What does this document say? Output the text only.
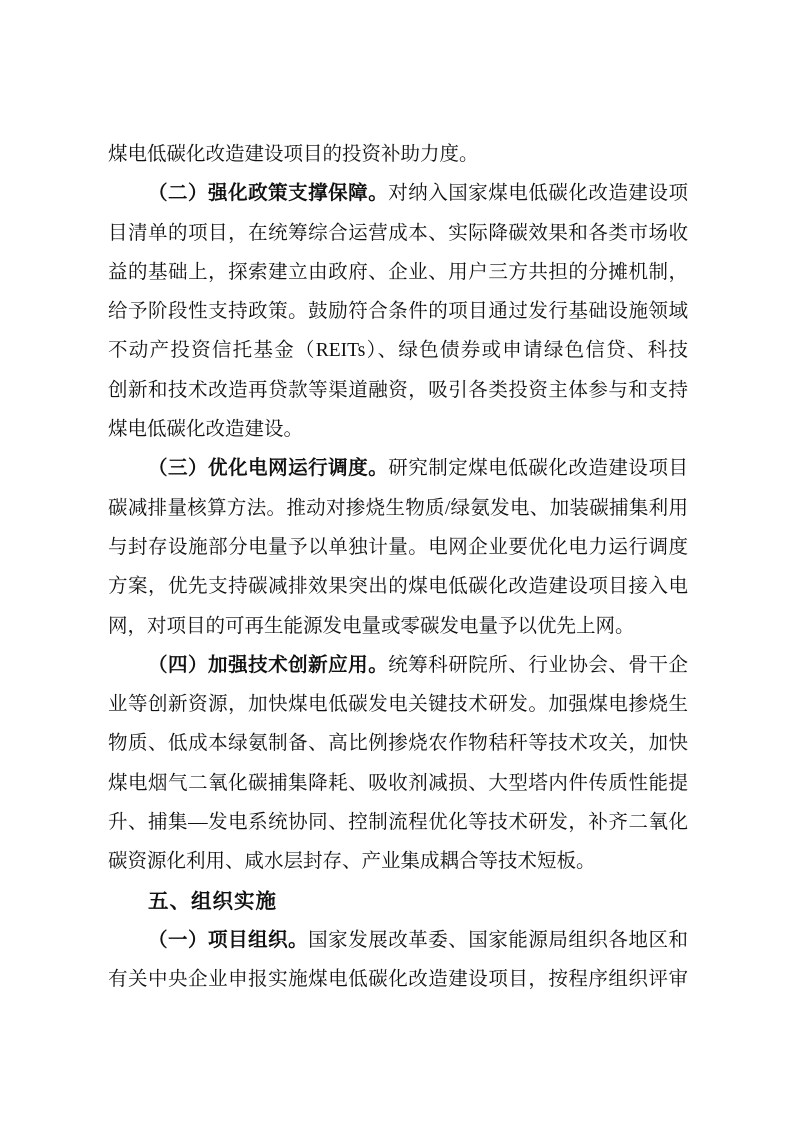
煤电低碳化改造建设项目的投资补助力度。
（二）强化政策支撑保障。对纳入国家煤电低碳化改造建设项
目清单的项目，在统筹综合运营成本、实际降碳效果和各类市场收
益的基础上，探索建立由政府、企业、用户三方共担的分摊机制，
给予阶段性支持政策。鼓励符合条件的项目通过发行基础设施领域
不动产投资信托基金（REITs）、绿色债券或申请绿色信贷、科技
创新和技术改造再贷款等渠道融资，吸引各类投资主体参与和支持
煤电低碳化改造建设。
（三）优化电网运行调度。研究制定煤电低碳化改造建设项目
碳减排量核算方法。推动对掺烧生物质/绿氨发电、加装碳捕集利用
与封存设施部分电量予以单独计量。电网企业要优化电力运行调度
方案，优先支持碳减排效果突出的煤电低碳化改造建设项目接入电
网，对项目的可再生能源发电量或零碳发电量予以优先上网。
（四）加强技术创新应用。统筹科研院所、行业协会、骨干企
业等创新资源，加快煤电低碳发电关键技术研发。加强煤电掺烧生
物质、低成本绿氨制备、高比例掺烧农作物秸秆等技术攻关，加快
煤电烟气二氧化碳捕集降耗、吸收剂减损、大型塔内件传质性能提
升、捕集—发电系统协同、控制流程优化等技术研发，补齐二氧化
碳资源化利用、咸水层封存、产业集成耦合等技术短板。
五、组织实施
（一）项目组织。国家发展改革委、国家能源局组织各地区和
有关中央企业申报实施煤电低碳化改造建设项目，按程序组织评审
